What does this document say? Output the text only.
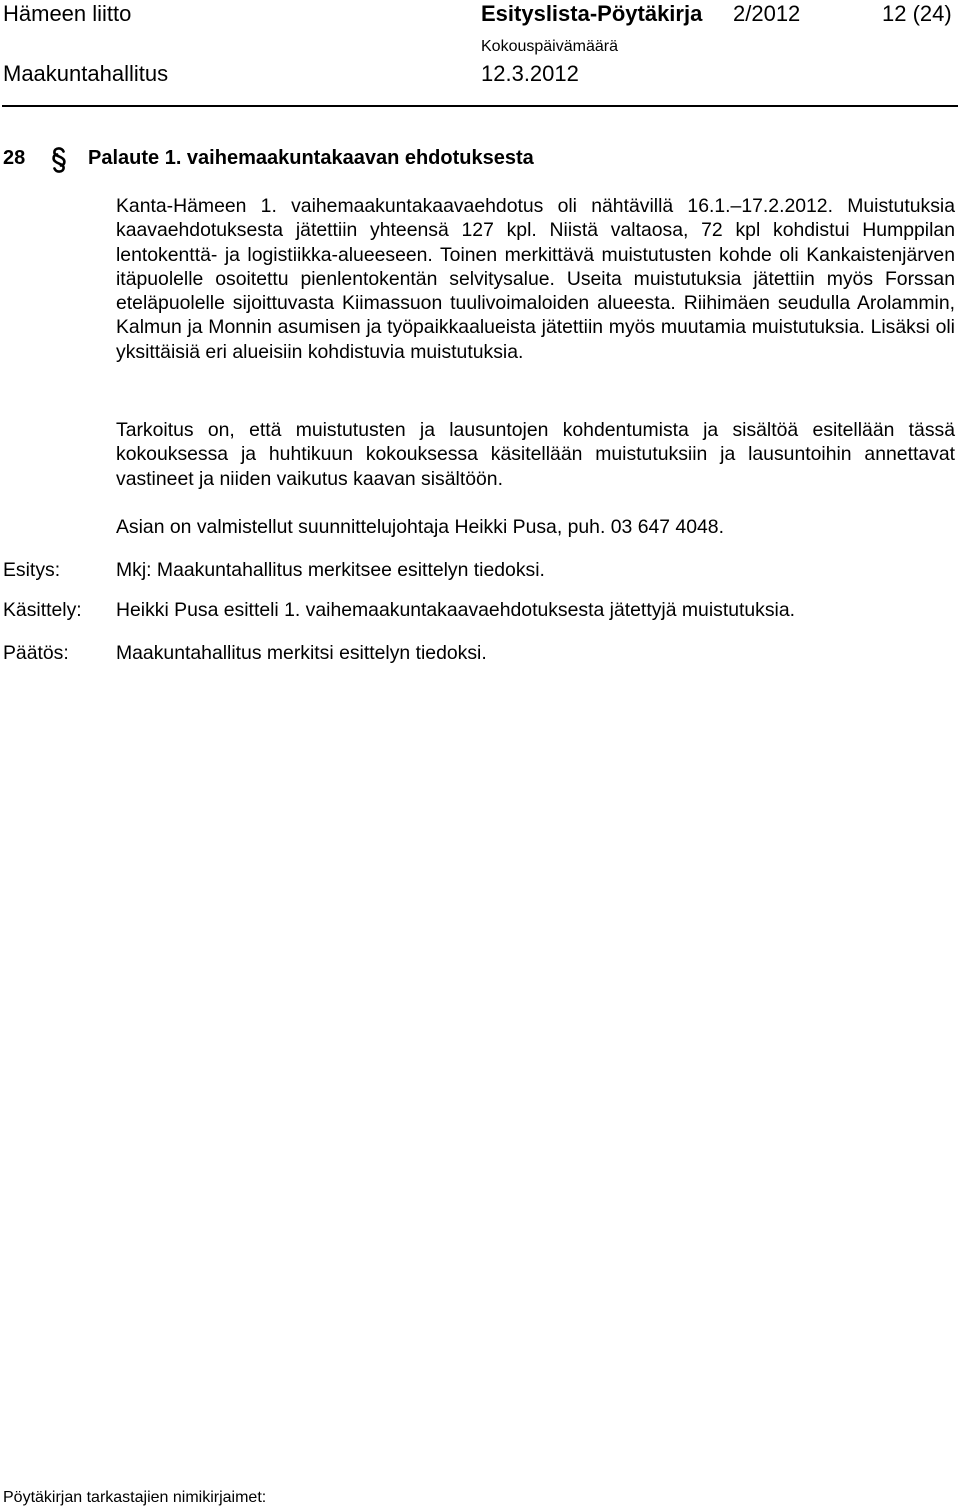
Hämeen liitto	Esityslista-Pöytäkirja 2/2012	12 (24)
Kokouspäivämäärä
Maakuntahallitus	12.3.2012
28	Palaute 1. vaihemaakuntakaavan ehdotuksesta
Kanta-Hämeen 1. vaihemaakuntakaavaehdotus oli nähtävillä 16.1.–17.2.2012. Muistutuksia kaavaehdotuksesta jätettiin yhteensä 127 kpl. Niistä valtaosa, 72 kpl kohdistui Humppilan lentokenttä- ja logistiikka-alueeseen. Toinen merkittävä muistutusten kohde oli Kankaistenjärven itäpuolelle osoitettu pienlentokentän selvitysalue. Useita muistutuksia jätettiin myös Forssan eteläpuolelle sijoittuvasta Kiimassuon tuulivoimaloiden alueesta. Riihimäen seudulla Arolammin, Kalmun ja Monnin asumisen ja työpaikkaalueista jätettiin myös muutamia muistutuksia. Lisäksi oli yksittäisiä eri alueisiin kohdistuvia muistutuksia.
Tarkoitus on, että muistutusten ja lausuntojen kohdentumista ja sisältöä esitellään tässä kokouksessa ja huhtikuun kokouksessa käsitellään muistutuksiin ja lausuntoihin annettavat vastineet ja niiden vaikutus kaavan sisältöön.
Asian on valmistellut suunnittelujohtaja Heikki Pusa, puh. 03 647 4048.
Esitys:	Mkj: Maakuntahallitus merkitsee esittelyn tiedoksi.
Käsittely: Heikki Pusa esitteli 1. vaihemaakuntakaavaehdotuksesta jätettyjä muistutuksia.
Päätös: Maakuntahallitus merkitsi esittelyn tiedoksi.
Pöytäkirjan tarkastajien nimikirjaimet:
